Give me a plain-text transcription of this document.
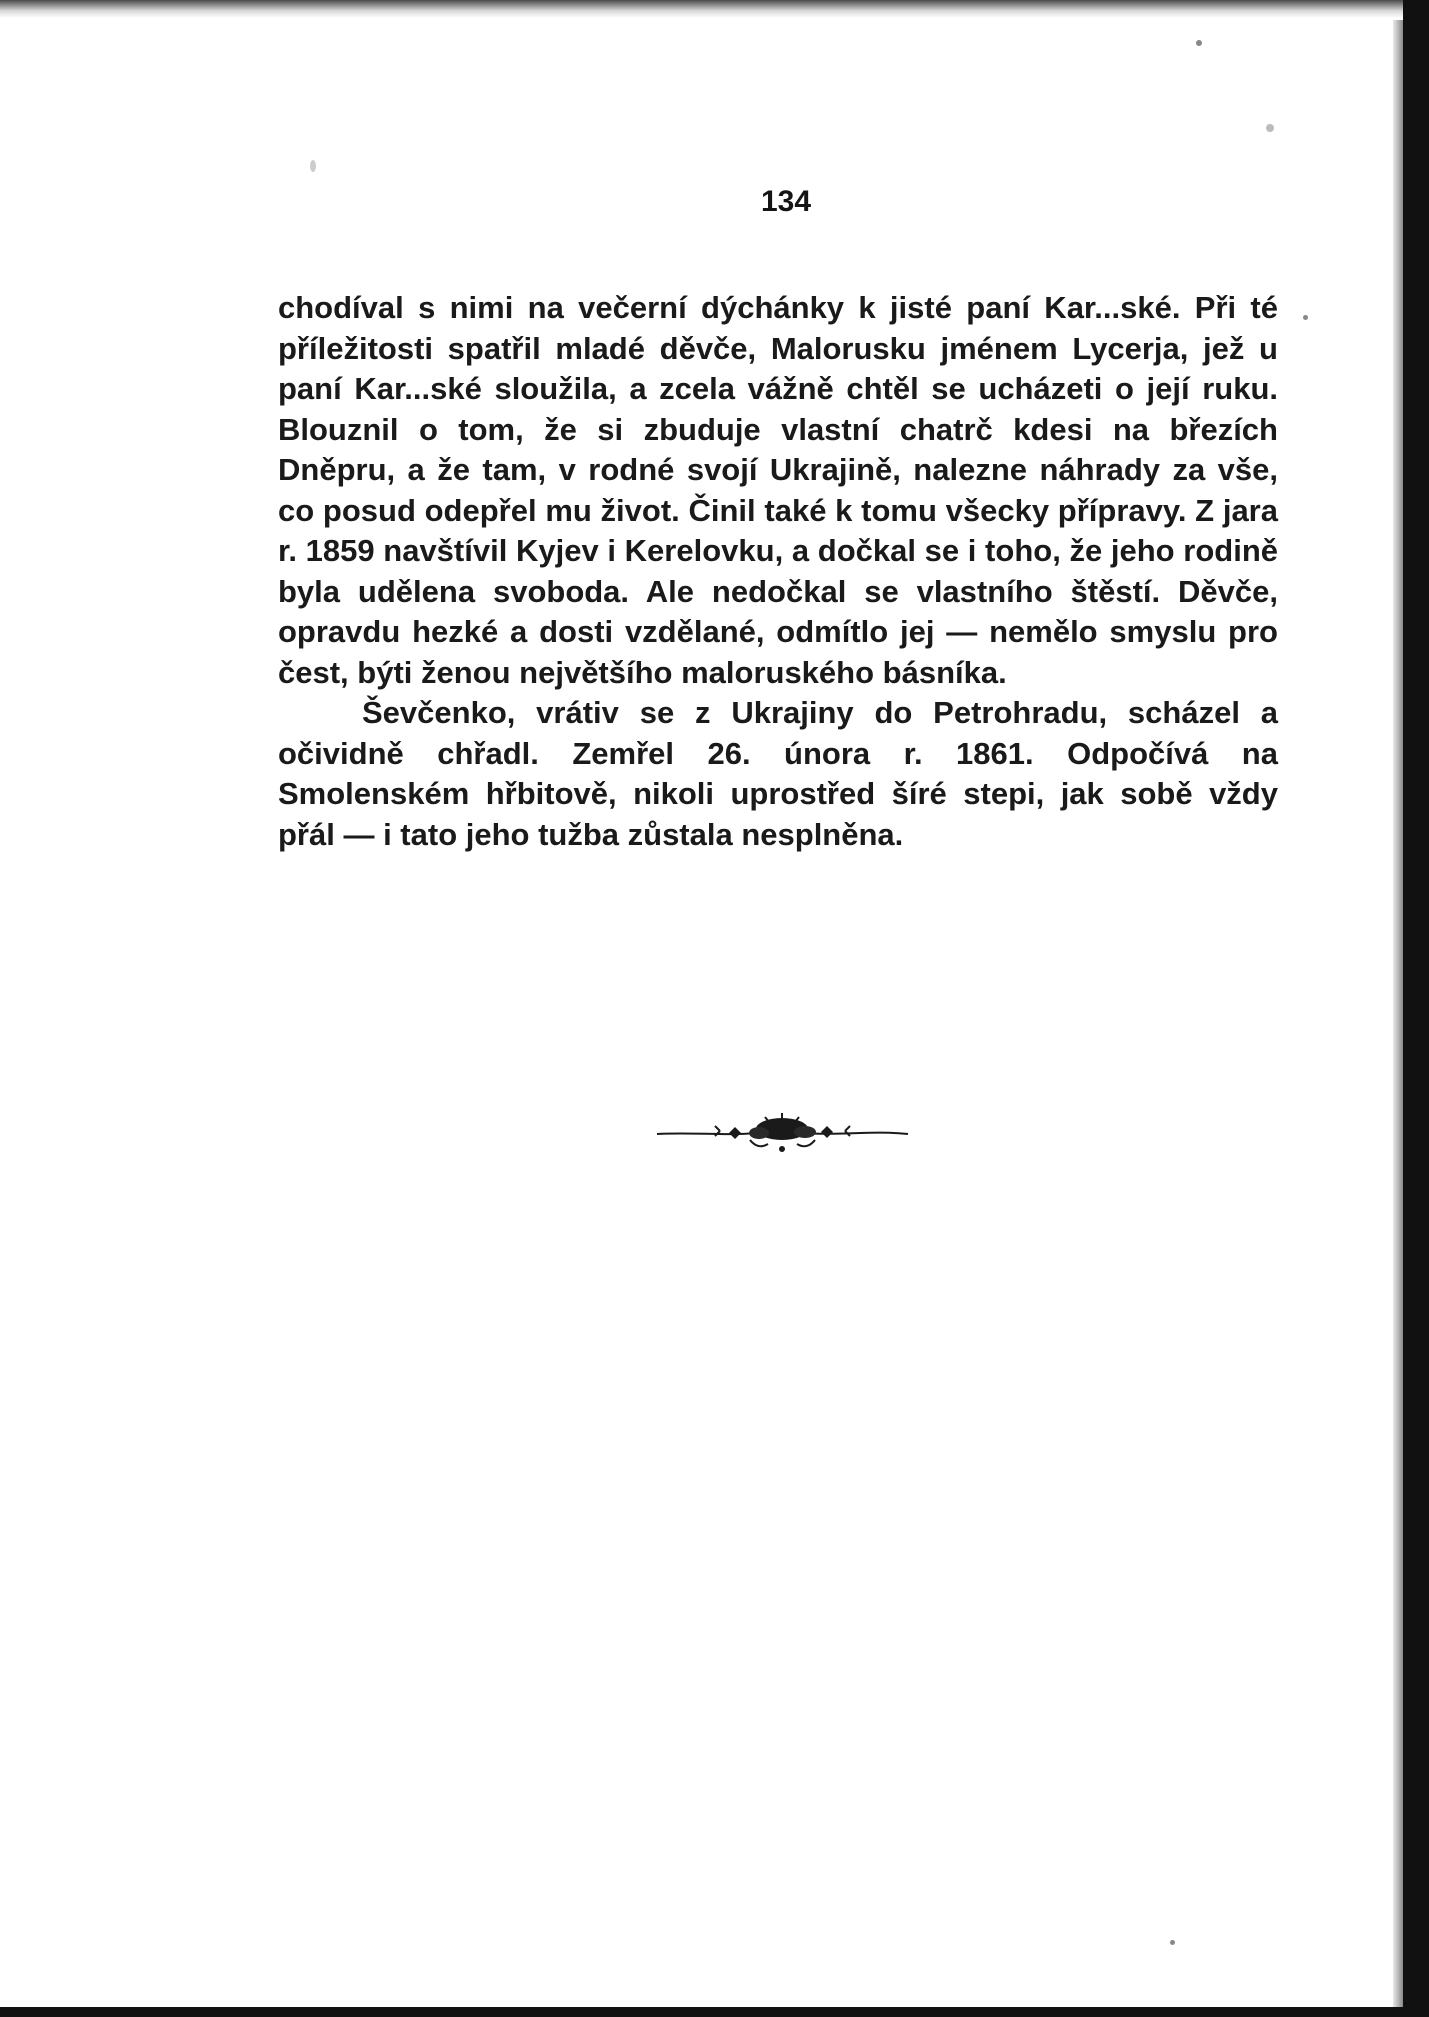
134

chodíval s nimi na večerní dýchánky k jisté paní Kar...ské. Při té příležitosti spatřil mladé děvče, Malorusku jménem Lycerja, jež u paní Kar...ské sloužila, a zcela vážně chtěl se ucházeti o její ruku. Blouznil o tom, že si zbuduje vlastní chatrč kdesi na březích Dněpru, a že tam, v rodné svojí Ukrajině, nalezne náhrady za vše, co posud odepřel mu život. Činil také k tomu všecky přípravy. Z jara r. 1859 navštívil Kyjev i Kerelovku, a dočkal se i toho, že jeho rodině byla udělena svoboda. Ale nedočkal se vlastního štěstí. Děvče, opravdu hezké a dosti vzdělané, odmítlo jej — nemělo smyslu pro čest, býti ženou největšího maloruského básníka.

Ševčenko, vrátiv se z Ukrajiny do Petrohradu, scházel a očividně chřadl. Zemřel 26. února r. 1861. Odpočívá na Smolenském hřbitově, nikoli uprostřed šíré stepi, jak sobě vždy přál — i tato jeho tužba zůstala nesplněna.
